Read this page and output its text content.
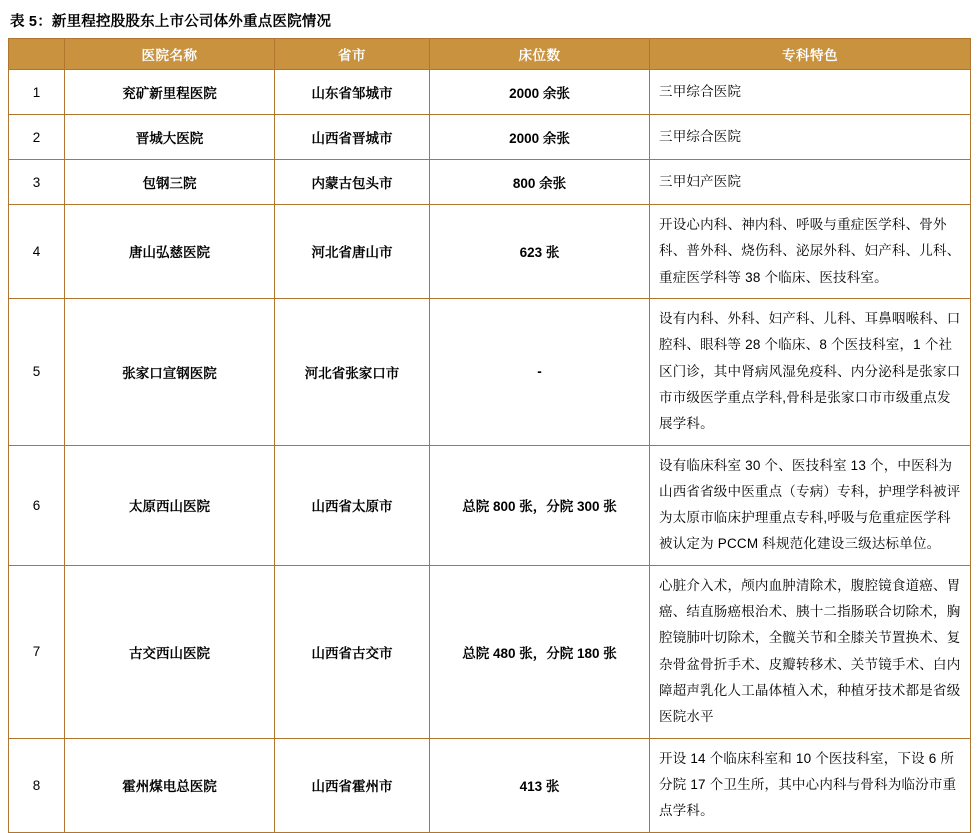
表 5：新里程控股股东上市公司体外重点医院情况
	医院名称	省市	床位数	专科特色
1	兖矿新里程医院	山东省邹城市	2000 余张	三甲综合医院
2	晋城大医院	山西省晋城市	2000 余张	三甲综合医院
3	包钢三院	内蒙古包头市	800 余张	三甲妇产医院
4	唐山弘慈医院	河北省唐山市	623 张	开设心内科、神内科、呼吸与重症医学科、骨外科、普外科、烧伤科、泌尿外科、妇产科、儿科、重症医学科等 38 个临床、医技科室。
5	张家口宣钢医院	河北省张家口市	-	设有内科、外科、妇产科、儿科、耳鼻咽喉科、口腔科、眼科等 28 个临床、8 个医技科室，1 个社区门诊，其中肾病风湿免疫科、内分泌科是张家口市市级医学重点学科,骨科是张家口市市级重点发展学科。
6	太原西山医院	山西省太原市	总院 800 张，分院 300 张	设有临床科室 30 个、医技科室 13 个，中医科为山西省省级中医重点（专病）专科，护理学科被评为太原市临床护理重点专科,呼吸与危重症医学科被认定为 PCCM 科规范化建设三级达标单位。
7	古交西山医院	山西省古交市	总院 480 张，分院 180 张	心脏介入术，颅内血肿清除术，腹腔镜食道癌、胃癌、结直肠癌根治术、胰十二指肠联合切除术，胸腔镜肺叶切除术，全髋关节和全膝关节置换术、复杂骨盆骨折手术、皮瓣转移术、关节镜手术、白内障超声乳化人工晶体植入术，种植牙技术都是省级医院水平
8	霍州煤电总医院	山西省霍州市	413 张	开设 14 个临床科室和 10 个医技科室，下设 6 所分院 17 个卫生所，其中心内科与骨科为临汾市重点学科。
